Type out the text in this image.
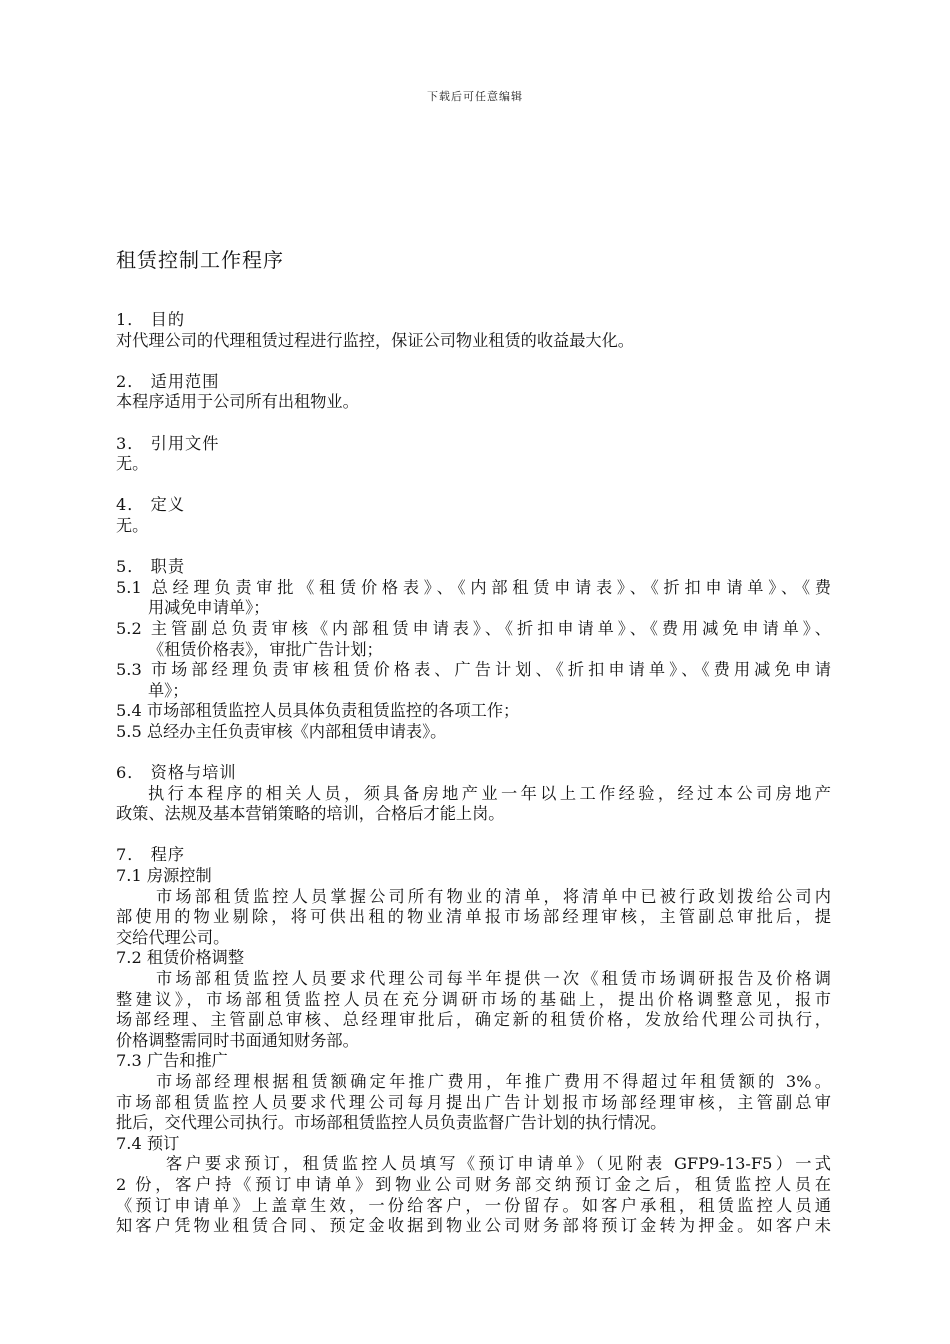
下载后可任意编辑
租赁控制工作程序
1． 目的
对代理公司的代理租赁过程进行监控，保证公司物业租赁的收益最大化。
2． 适用范围
本程序适用于公司所有出租物业。
3． 引用文件
无。
4． 定义
无。
5． 职责
5.1 总经理负责审批《租赁价格表》、《内部租赁申请表》、《折扣申请单》、《费
用减免申请单》；
5.2 主管副总负责审核《内部租赁申请表》、《折扣申请单》、《费用减免申请单》、
《租赁价格表》，审批广告计划；
5.3 市场部经理负责审核租赁价格表、广告计划、《折扣申请单》、《费用减免申请
单》；
5.4 市场部租赁监控人员具体负责租赁监控的各项工作；
5.5 总经办主任负责审核《内部租赁申请表》。
6． 资格与培训
执行本程序的相关人员，须具备房地产业一年以上工作经验，经过本公司房地产
政策、法规及基本营销策略的培训，合格后才能上岗。
7． 程序
7.1 房源控制
市场部租赁监控人员掌握公司所有物业的清单，将清单中已被行政划拨给公司内
部使用的物业剔除，将可供出租的物业清单报市场部经理审核，主管副总审批后，提
交给代理公司。
7.2 租赁价格调整
市场部租赁监控人员要求代理公司每半年提供一次《租赁市场调研报告及价格调
整建议》，市场部租赁监控人员在充分调研市场的基础上，提出价格调整意见，报市
场部经理、主管副总审核、总经理审批后，确定新的租赁价格，发放给代理公司执行，
价格调整需同时书面通知财务部。
7.3 广告和推广
市场部经理根据租赁额确定年推广费用，年推广费用不得超过年租赁额的 3%。
市场部租赁监控人员要求代理公司每月提出广告计划报市场部经理审核，主管副总审
批后，交代理公司执行。市场部租赁监控人员负责监督广告计划的执行情况。
7.4 预订
客户要求预订，租赁监控人员填写《预订申请单》（见附表 GFP9-13-F5）一式
2 份，客户持《预订申请单》到物业公司财务部交纳预订金之后，租赁监控人员在
《预订申请单》上盖章生效，一份给客户，一份留存。如客户承租，租赁监控人员通
知客户凭物业租赁合同、预定金收据到物业公司财务部将预订金转为押金。如客户未
